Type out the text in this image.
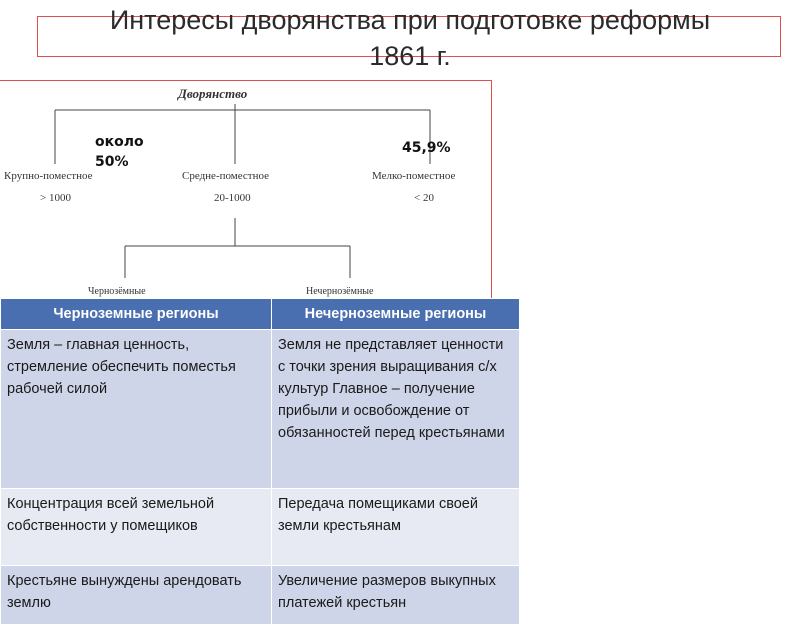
Интересы дворянства при подготовке реформы
1861 г.
Дворянство
Крупно-поместное
> 1000
Средне-поместное
20-1000
Мелко-поместное
< 20
около
50%
45,9%
Чернозёмные	Нечернозёмные
Черноземные регионы	Нечерноземные регионы
Земля – главная ценность, стремление обеспечить поместья рабочей силой	Земля не представляет ценности с точки зрения выращивания с/х культур Главное – получение прибыли и освобождение от обязанностей перед крестьянами
Концентрация всей земельной собственности у помещиков	Передача помещиками своей земли крестьянам
Крестьяне вынуждены арендовать землю	Увеличение размеров выкупных платежей крестьян
